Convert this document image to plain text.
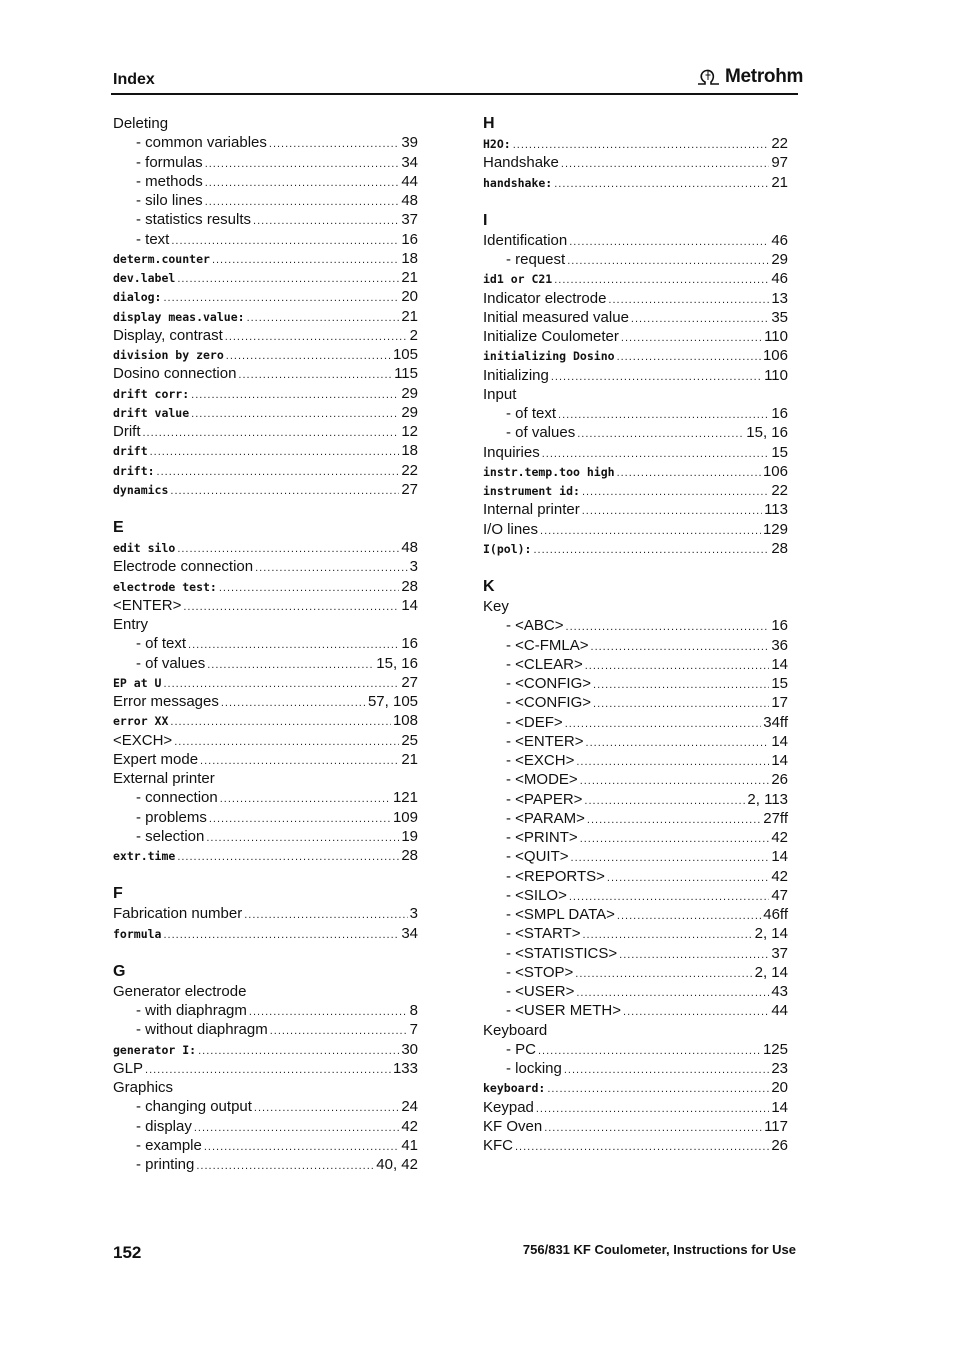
Index	Metrohm
Deleting
- common variables .....	39
- formulas .....	34
- methods .....	44
- silo lines .....	48
- statistics results .....	37
- text .....	16
determ.counter .....	18
dev.label .....	21
dialog: .....	20
display meas.value: .....	21
Display, contrast .....	2
division by zero .....	105
Dosino connection .....	115
drift corr: .....	29
drift value .....	29
Drift .....	12
drift .....	18
drift: .....	22
dynamics .....	27
E
edit silo .....	48
Electrode connection .....	3
electrode test: .....	28
<ENTER> .....	14
Entry
- of text .....	16
- of values .....	15, 16
EP at U .....	27
Error messages .....	57, 105
error XX .....	108
<EXCH> .....	25
Expert mode .....	21
External printer
- connection .....	121
- problems .....	109
- selection .....	19
extr.time .....	28
F
Fabrication number .....	3
formula .....	34
G
Generator electrode
- with diaphragm .....	8
- without diaphragm .....	7
generator I: .....	30
GLP .....	133
Graphics
- changing output .....	24
- display .....	42
- example .....	41
- printing .....	40, 42
H
H2O: .....	22
Handshake .....	97
handshake: .....	21
I
Identification .....	46
- request .....	29
id1 or C21 .....	46
Indicator electrode .....	13
Initial measured value .....	35
Initialize Coulometer .....	110
initializing Dosino .....	106
Initializing .....	110
Input
- of text .....	16
- of values .....	15, 16
Inquiries .....	15
instr.temp.too high .....	106
instrument id: .....	22
Internal printer .....	113
I/O lines .....	129
I(pol): .....	28
K
Key
- <ABC> .....	16
- <C-FMLA> .....	36
- <CLEAR> .....	14
- <CONFIG> .....	15
- <CONFIG> .....	17
- <DEF> .....	34ff
- <ENTER> .....	14
- <EXCH> .....	14
- <MODE> .....	26
- <PAPER> .....	2, 113
- <PARAM> .....	27ff
- <PRINT> .....	42
- <QUIT> .....	14
- <REPORTS> .....	42
- <SILO> .....	47
- <SMPL DATA> .....	46ff
- <START> .....	2, 14
- <STATISTICS> .....	37
- <STOP> .....	2, 14
- <USER> .....	43
- <USER METH> .....	44
Keyboard
- PC .....	125
- locking .....	23
keyboard: .....	20
Keypad .....	14
KF Oven .....	117
KFC .....	26
152	756/831 KF Coulometer, Instructions for Use
